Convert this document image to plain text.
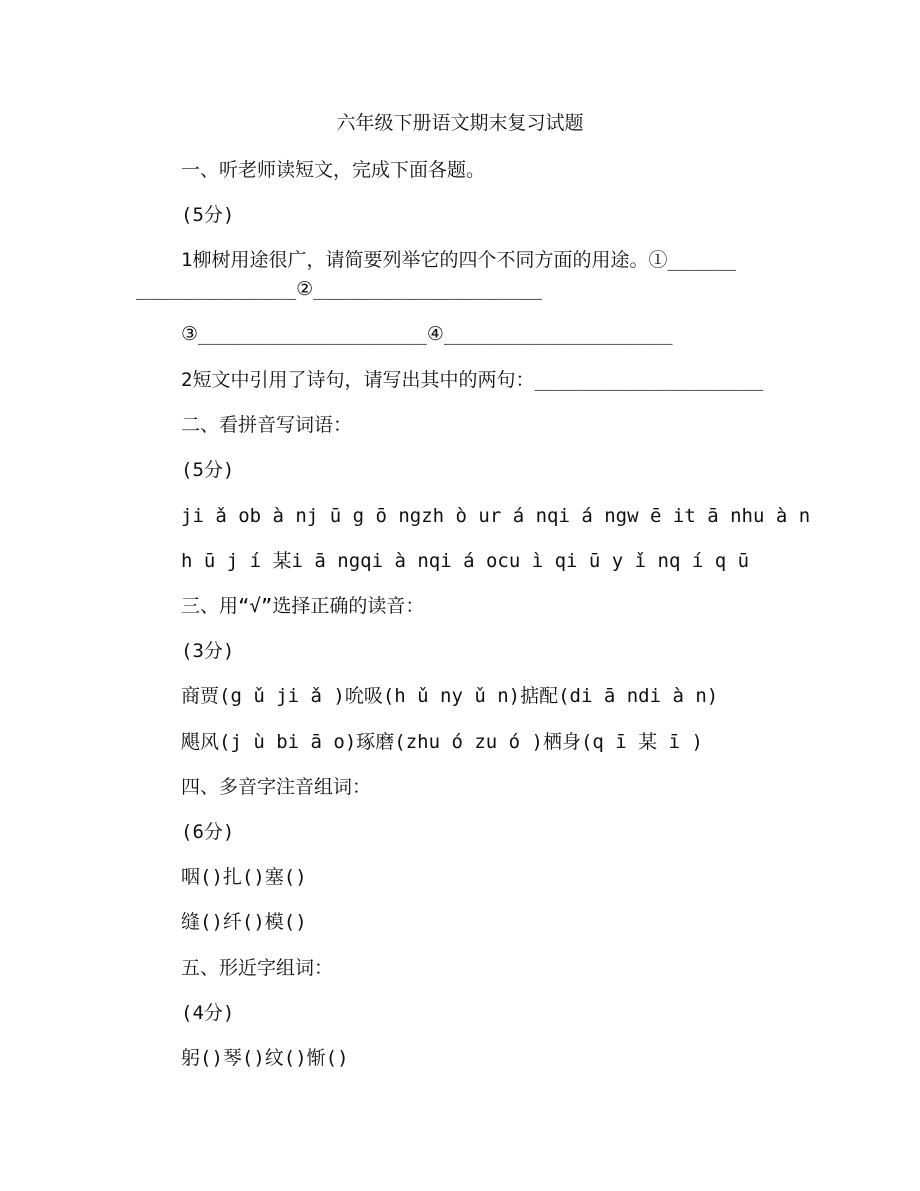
六年级下册语文期末复习试题
一、听老师读短文，完成下面各题。
(5分)
1柳树用途很广，请简要列举它的四个不同方面的用途。①______
______________②____________________
③____________________④____________________
2短文中引用了诗句，请写出其中的两句：____________________
二、看拼音写词语：
(5分)
ji ǎ ob à nj ū g ō ngzh ò ur á nqi á ngw ē it ā nhu à n
h ū j í 某i ā ngqi à nqi á ocu ì qi ū y ǐ nq í q ū
三、用“√”选择正确的读音：
(3分)
商贾(g ǔ ji ǎ )吮吸(h ǔ ny ǔ n)掂配(di ā ndi à n)
飓风(j ù bi ā o)琢磨(zhu ó zu ó )栖身(q ī 某 ī )
四、多音字注音组词：
(6分)
咽()扎()塞()
缝()纤()模()
五、形近字组词：
(4分)
躬()琴()纹()惭()
